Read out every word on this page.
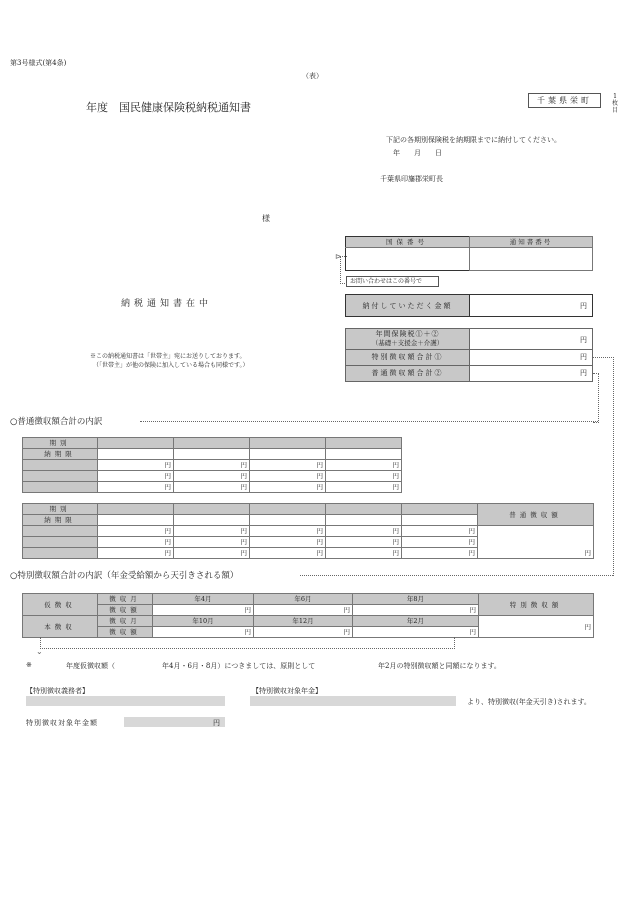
第3号様式(第4条)
（表）
年度　国民健康保険税納税通知書
千葉県栄町	1枚目
下記の各期別保険税を納期限までに納付してください。
年　　月　　日
千葉県印旛郡栄町長
様
納税通知書在中
※この納税通知書は「世帯主」宛にお送りしております。
（「世帯主」が他の保険に加入している場合も同様です。）
国保番号	通知書番号
お問い合わせはこの番号で
⊳
納付していただく金額	円
年間保険税①＋②
（基礎＋支援金＋介護）	円
特別徴収額合計①	円
普通徴収額合計②	円
○普通徴収額合計の内訳
期別				
納期限				
	円	円	円	円
	円	円	円	円
	円	円	円	円
期別						普通徴収額
納期限						
	円	円	円	円	円	円
	円	円	円	円	円	
	円	円	円	円	円	
○特別徴収額合計の内訳（年金受給額から天引きされる額）
仮徴収	徴収月	年4月	年6月	年8月	特別徴収額
	徴収額	円	円	円	
本徴収	徴収月	年10月	年12月	年2月	円
	徴収額	円	円	円	
⌄
※	年度仮徴収額（	年4月・6月・8月）につきましては、原則として	年2月の特別徴収額と同額になります。
【特別徴収義務者】	【特別徴収対象年金】
より、特別徴収(年金天引き)されます。
特別徴収対象年金額	円
